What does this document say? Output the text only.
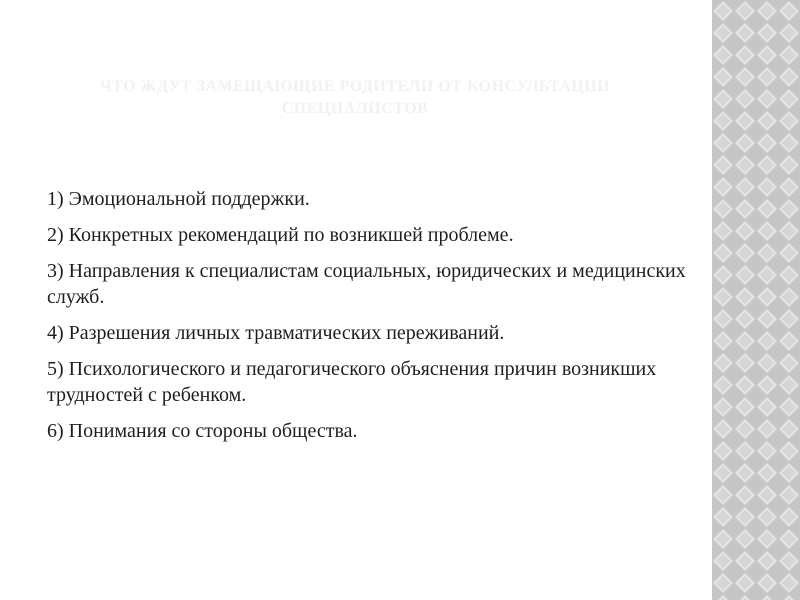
ЧТО ЖДУТ ЗАМЕЩАЮЩИЕ РОДИТЕЛИ ОТ КОНСУЛЬТАЦИИ СПЕЦИАЛИСТОВ
1) Эмоциональной поддержки.
2) Конкретных рекомендаций по возникшей проблеме.
3) Направления к специалистам социальных, юридических и медицинских служб.
4) Разрешения личных травматических переживаний.
5) Психологического и педагогического объяснения причин возникших трудностей с ребенком.
6) Понимания со стороны общества.
